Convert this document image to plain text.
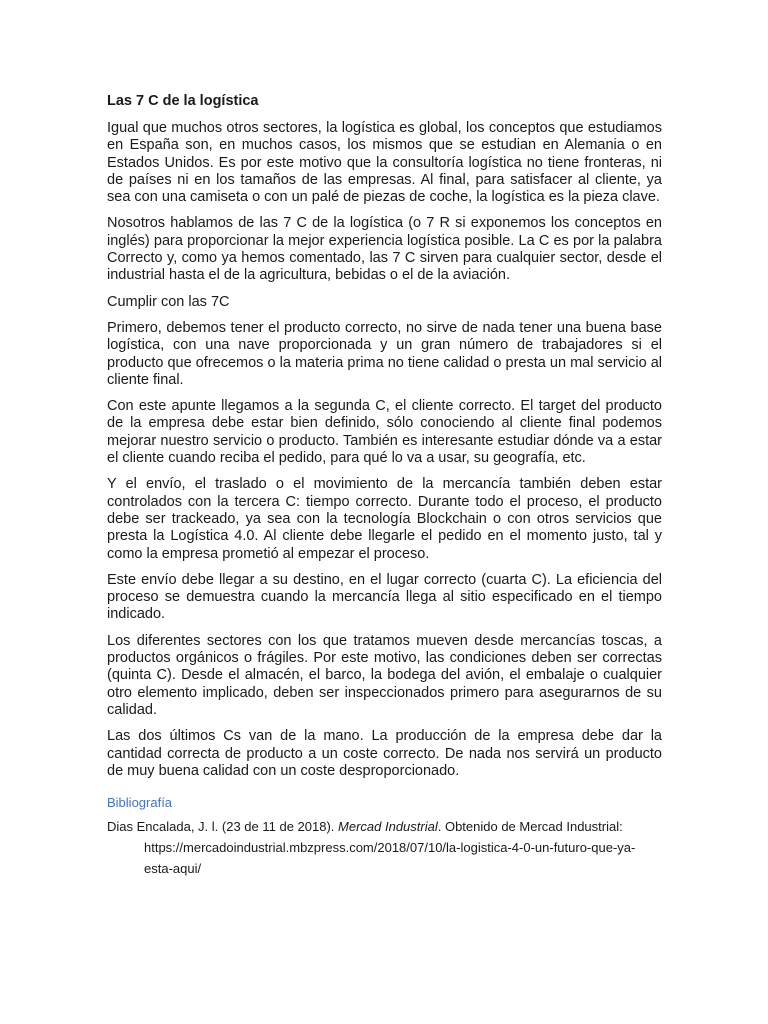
Las 7 C de la logística

Igual que muchos otros sectores, la logística es global, los conceptos que estudiamos en España son, en muchos casos, los mismos que se estudian en Alemania o en Estados Unidos. Es por este motivo que la consultoría logística no tiene fronteras, ni de países ni en los tamaños de las empresas. Al final, para satisfacer al cliente, ya sea con una camiseta o con un palé de piezas de coche, la logística es la pieza clave.

Nosotros hablamos de las 7 C de la logística (o 7 R si exponemos los conceptos en inglés) para proporcionar la mejor experiencia logística posible. La C es por la palabra Correcto y, como ya hemos comentado, las 7 C sirven para cualquier sector, desde el industrial hasta el de la agricultura, bebidas o el de la aviación.

Cumplir con las 7C

Primero, debemos tener el producto correcto, no sirve de nada tener una buena base logística, con una nave proporcionada y un gran número de trabajadores si el producto que ofrecemos o la materia prima no tiene calidad o presta un mal servicio al cliente final.

Con este apunte llegamos a la segunda C, el cliente correcto. El target del producto de la empresa debe estar bien definido, sólo conociendo al cliente final podemos mejorar nuestro servicio o producto. También es interesante estudiar dónde va a estar el cliente cuando reciba el pedido, para qué lo va a usar, su geografía, etc.

Y el envío, el traslado o el movimiento de la mercancía también deben estar controlados con la tercera C: tiempo correcto. Durante todo el proceso, el producto debe ser trackeado, ya sea con la tecnología Blockchain o con otros servicios que presta la Logística 4.0. Al cliente debe llegarle el pedido en el momento justo, tal y como la empresa prometió al empezar el proceso.

Este envío debe llegar a su destino, en el lugar correcto (cuarta C). La eficiencia del proceso se demuestra cuando la mercancía llega al sitio especificado en el tiempo indicado.

Los diferentes sectores con los que tratamos mueven desde mercancías toscas, a productos orgánicos o frágiles. Por este motivo, las condiciones deben ser correctas (quinta C). Desde el almacén, el barco, la bodega del avión, el embalaje o cualquier otro elemento implicado, deben ser inspeccionados primero para asegurarnos de su calidad.

Las dos últimos Cs van de la mano. La producción de la empresa debe dar la cantidad correcta de producto a un coste correcto. De nada nos servirá un producto de muy buena calidad con un coste desproporcionado.

Bibliografía
Dias Encalada, J. l. (23 de 11 de 2018). Mercad Industrial. Obtenido de Mercad Industrial:
https://mercadoindustrial.mbzpress.com/2018/07/10/la-logistica-4-0-un-futuro-que-ya-esta-aqui/
